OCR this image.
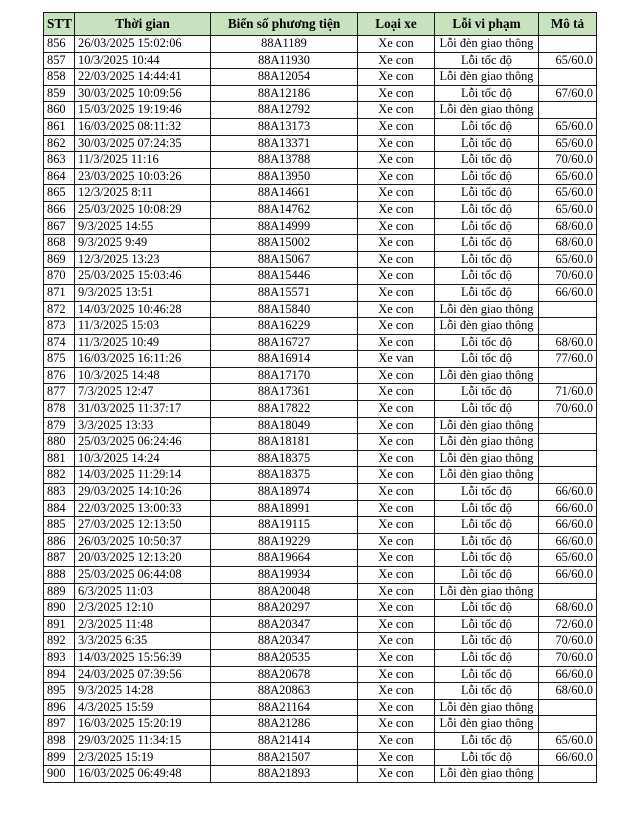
STT	Thời gian	Biển số phương tiện	Loại xe	Lỗi vi phạm	Mô tả
856	26/03/2025 15:02:06	88A1189	Xe con	Lỗi đèn giao thông	
857	10/3/2025 10:44	88A11930	Xe con	Lỗi tốc độ	65/60.0
858	22/03/2025 14:44:41	88A12054	Xe con	Lỗi đèn giao thông	
859	30/03/2025 10:09:56	88A12186	Xe con	Lỗi tốc độ	67/60.0
860	15/03/2025 19:19:46	88A12792	Xe con	Lỗi đèn giao thông	
861	16/03/2025 08:11:32	88A13173	Xe con	Lỗi tốc độ	65/60.0
862	30/03/2025 07:24:35	88A13371	Xe con	Lỗi tốc độ	65/60.0
863	11/3/2025 11:16	88A13788	Xe con	Lỗi tốc độ	70/60.0
864	23/03/2025 10:03:26	88A13950	Xe con	Lỗi tốc độ	65/60.0
865	12/3/2025 8:11	88A14661	Xe con	Lỗi tốc độ	65/60.0
866	25/03/2025 10:08:29	88A14762	Xe con	Lỗi tốc độ	65/60.0
867	9/3/2025 14:55	88A14999	Xe con	Lỗi tốc độ	68/60.0
868	9/3/2025 9:49	88A15002	Xe con	Lỗi tốc độ	68/60.0
869	12/3/2025 13:23	88A15067	Xe con	Lỗi tốc độ	65/60.0
870	25/03/2025 15:03:46	88A15446	Xe con	Lỗi tốc độ	70/60.0
871	9/3/2025 13:51	88A15571	Xe con	Lỗi tốc độ	66/60.0
872	14/03/2025 10:46:28	88A15840	Xe con	Lỗi đèn giao thông	
873	11/3/2025 15:03	88A16229	Xe con	Lỗi đèn giao thông	
874	11/3/2025 10:49	88A16727	Xe con	Lỗi tốc độ	68/60.0
875	16/03/2025 16:11:26	88A16914	Xe van	Lỗi tốc độ	77/60.0
876	10/3/2025 14:48	88A17170	Xe con	Lỗi đèn giao thông	
877	7/3/2025 12:47	88A17361	Xe con	Lỗi tốc độ	71/60.0
878	31/03/2025 11:37:17	88A17822	Xe con	Lỗi tốc độ	70/60.0
879	3/3/2025 13:33	88A18049	Xe con	Lỗi đèn giao thông	
880	25/03/2025 06:24:46	88A18181	Xe con	Lỗi đèn giao thông	
881	10/3/2025 14:24	88A18375	Xe con	Lỗi đèn giao thông	
882	14/03/2025 11:29:14	88A18375	Xe con	Lỗi đèn giao thông	
883	29/03/2025 14:10:26	88A18974	Xe con	Lỗi tốc độ	66/60.0
884	22/03/2025 13:00:33	88A18991	Xe con	Lỗi tốc độ	66/60.0
885	27/03/2025 12:13:50	88A19115	Xe con	Lỗi tốc độ	66/60.0
886	26/03/2025 10:50:37	88A19229	Xe con	Lỗi tốc độ	66/60.0
887	20/03/2025 12:13:20	88A19664	Xe con	Lỗi tốc độ	65/60.0
888	25/03/2025 06:44:08	88A19934	Xe con	Lỗi tốc độ	66/60.0
889	6/3/2025 11:03	88A20048	Xe con	Lỗi đèn giao thông	
890	2/3/2025 12:10	88A20297	Xe con	Lỗi tốc độ	68/60.0
891	2/3/2025 11:48	88A20347	Xe con	Lỗi tốc độ	72/60.0
892	3/3/2025 6:35	88A20347	Xe con	Lỗi tốc độ	70/60.0
893	14/03/2025 15:56:39	88A20535	Xe con	Lỗi tốc độ	70/60.0
894	24/03/2025 07:39:56	88A20678	Xe con	Lỗi tốc độ	66/60.0
895	9/3/2025 14:28	88A20863	Xe con	Lỗi tốc độ	68/60.0
896	4/3/2025 15:59	88A21164	Xe con	Lỗi đèn giao thông	
897	16/03/2025 15:20:19	88A21286	Xe con	Lỗi đèn giao thông	
898	29/03/2025 11:34:15	88A21414	Xe con	Lỗi tốc độ	65/60.0
899	2/3/2025 15:19	88A21507	Xe con	Lỗi tốc độ	66/60.0
900	16/03/2025 06:49:48	88A21893	Xe con	Lỗi đèn giao thông	
